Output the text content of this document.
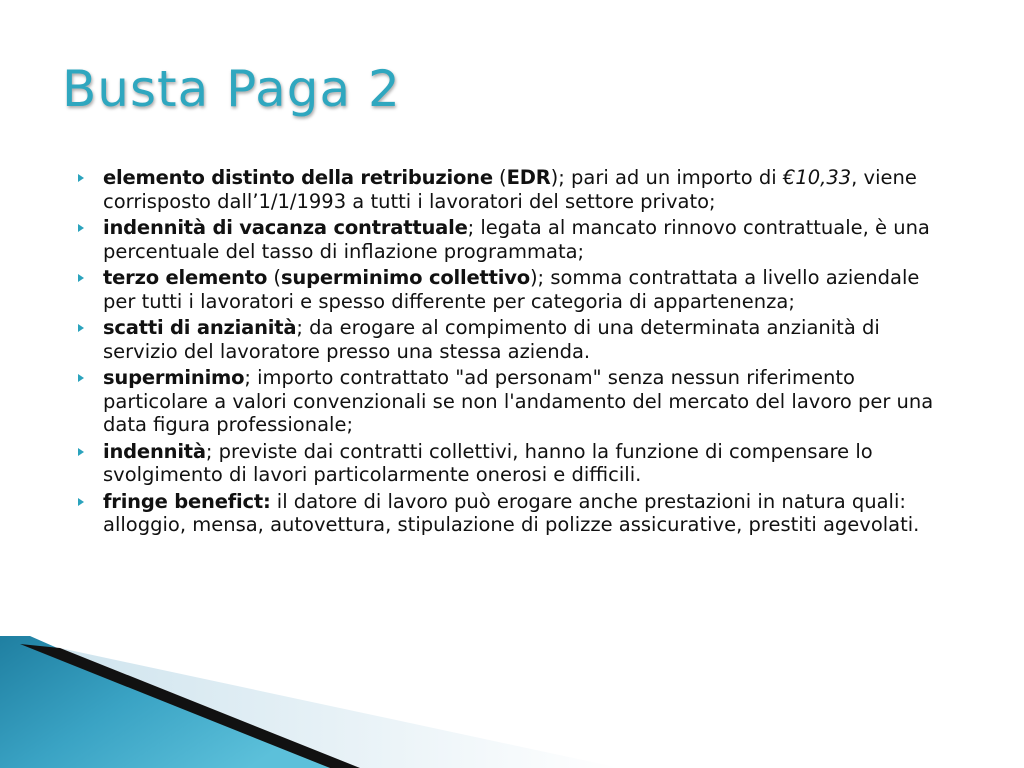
Busta Paga 2
elemento distinto della retribuzione (EDR); pari ad un importo di €10,33, viene corrisposto dall’1/1/1993 a tutti i lavoratori del settore privato;
indennità di vacanza contrattuale; legata al mancato rinnovo contrattuale, è una percentuale del tasso di inflazione programmata;
terzo elemento (superminimo collettivo); somma contrattata a livello aziendale per tutti i lavoratori e spesso differente per categoria di appartenenza;
scatti di anzianità; da erogare al compimento di una determinata anzianità di servizio del lavoratore presso una stessa azienda.
superminimo; importo contrattato "ad personam" senza nessun riferimento particolare a valori convenzionali se non l'andamento del mercato del lavoro per una data figura professionale;
indennità; previste dai contratti collettivi, hanno la funzione di compensare lo svolgimento di lavori particolarmente onerosi e difficili.
fringe benefict: il datore di lavoro può erogare anche prestazioni in natura quali: alloggio, mensa, autovettura, stipulazione di polizze assicurative, prestiti agevolati.
